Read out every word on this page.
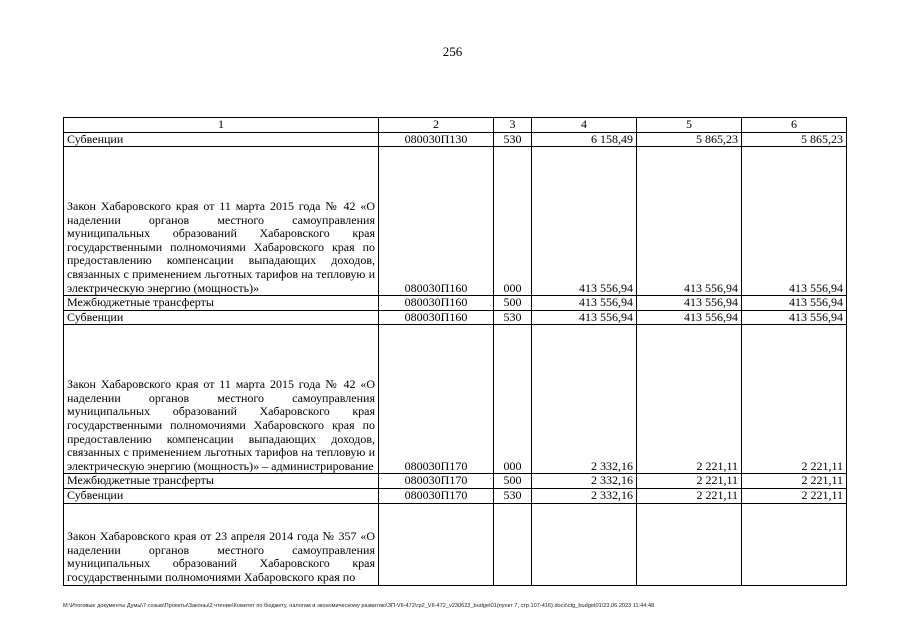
256
1	2	3	4	5	6
Субвенции	080030П130	530	6 158,49	5 865,23	5 865,23
Закон Хабаровского края от 11 марта 2015 года № 42 «О наделении органов местного самоуправления муниципальных образований Хабаровского края государственными полномочиями Хабаровского края по предоставлению компенсации выпадающих доходов, связанных с применением льготных тарифов на тепловую и электрическую энергию (мощность)»	080030П160	000	413 556,94	413 556,94	413 556,94
Межбюджетные трансферты	080030П160	500	413 556,94	413 556,94	413 556,94
Субвенции	080030П160	530	413 556,94	413 556,94	413 556,94
Закон Хабаровского края от 11 марта 2015 года № 42 «О наделении органов местного самоуправления муниципальных образований Хабаровского края государственными полномочиями Хабаровского края по предоставлению компенсации выпадающих доходов, связанных с применением льготных тарифов на тепловую и электрическую энергию (мощность)» – администрирование	080030П170	000	2 332,16	2 221,11	2 221,11
Межбюджетные трансферты	080030П170	500	2 332,16	2 221,11	2 221,11
Субвенции	080030П170	530	2 332,16	2 221,11	2 221,11
Закон Хабаровского края от 23 апреля 2014 года № 357 «О наделении органов местного самоуправления муниципальных образований Хабаровского края государственными полномочиями Хабаровского края по					
M:\Итоговые документы Думы\7 созыв\Проекты\Законы\2 чтение\Комитет по бюджету, налогам и экономическому развитию\ЗП-VII-472\гр2_VII-472_v230623_budget01(пункт 7, стр.107-416).docx\ctg_budget01\23.06.2023 11:44:48
